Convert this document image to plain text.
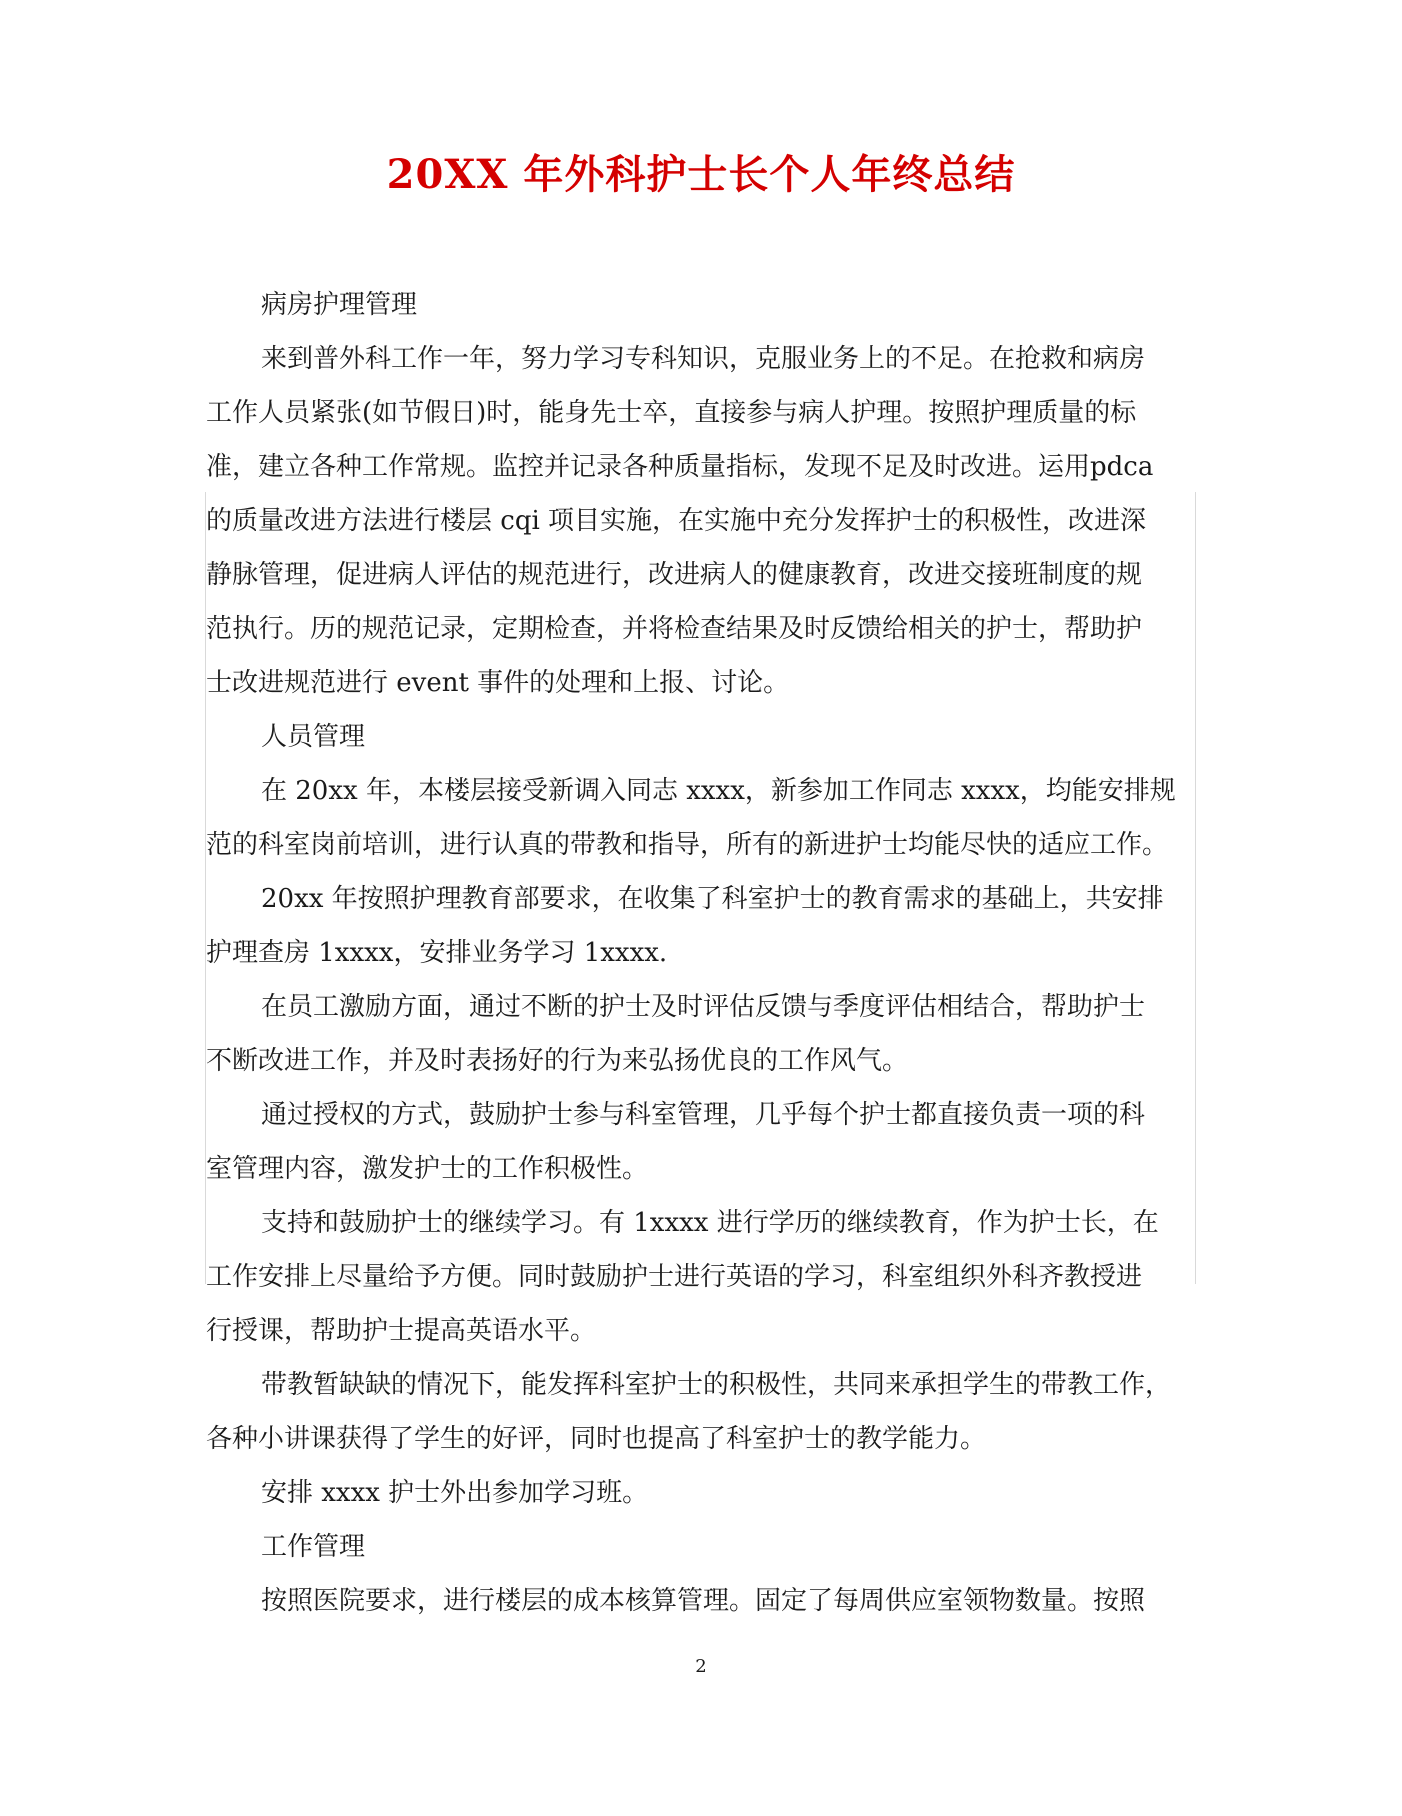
20XX 年外科护士长个人年终总结
病房护理管理
来到普外科工作一年，努力学习专科知识，克服业务上的不足。在抢救和病房
工作人员紧张(如节假日)时，能身先士卒，直接参与病人护理。按照护理质量的标
准，建立各种工作常规。监控并记录各种质量指标，发现不足及时改进。运用pdca
的质量改进方法进行楼层 cqi 项目实施，在实施中充分发挥护士的积极性，改进深
静脉管理，促进病人评估的规范进行，改进病人的健康教育，改进交接班制度的规
范执行。历的规范记录，定期检查，并将检查结果及时反馈给相关的护士，帮助护
士改进规范进行 event 事件的处理和上报、讨论。
人员管理
在 20xx 年，本楼层接受新调入同志 xxxx，新参加工作同志 xxxx，均能安排规
范的科室岗前培训，进行认真的带教和指导，所有的新进护士均能尽快的适应工作。
20xx 年按照护理教育部要求，在收集了科室护士的教育需求的基础上，共安排
护理查房 1xxxx，安排业务学习 1xxxx.
在员工激励方面，通过不断的护士及时评估反馈与季度评估相结合，帮助护士
不断改进工作，并及时表扬好的行为来弘扬优良的工作风气。
通过授权的方式，鼓励护士参与科室管理，几乎每个护士都直接负责一项的科
室管理内容，激发护士的工作积极性。
支持和鼓励护士的继续学习。有 1xxxx 进行学历的继续教育，作为护士长，在
工作安排上尽量给予方便。同时鼓励护士进行英语的学习，科室组织外科齐教授进
行授课，帮助护士提高英语水平。
带教暂缺缺的情况下，能发挥科室护士的积极性，共同来承担学生的带教工作，
各种小讲课获得了学生的好评，同时也提高了科室护士的教学能力。
安排 xxxx 护士外出参加学习班。
工作管理
按照医院要求，进行楼层的成本核算管理。固定了每周供应室领物数量。按照
2
